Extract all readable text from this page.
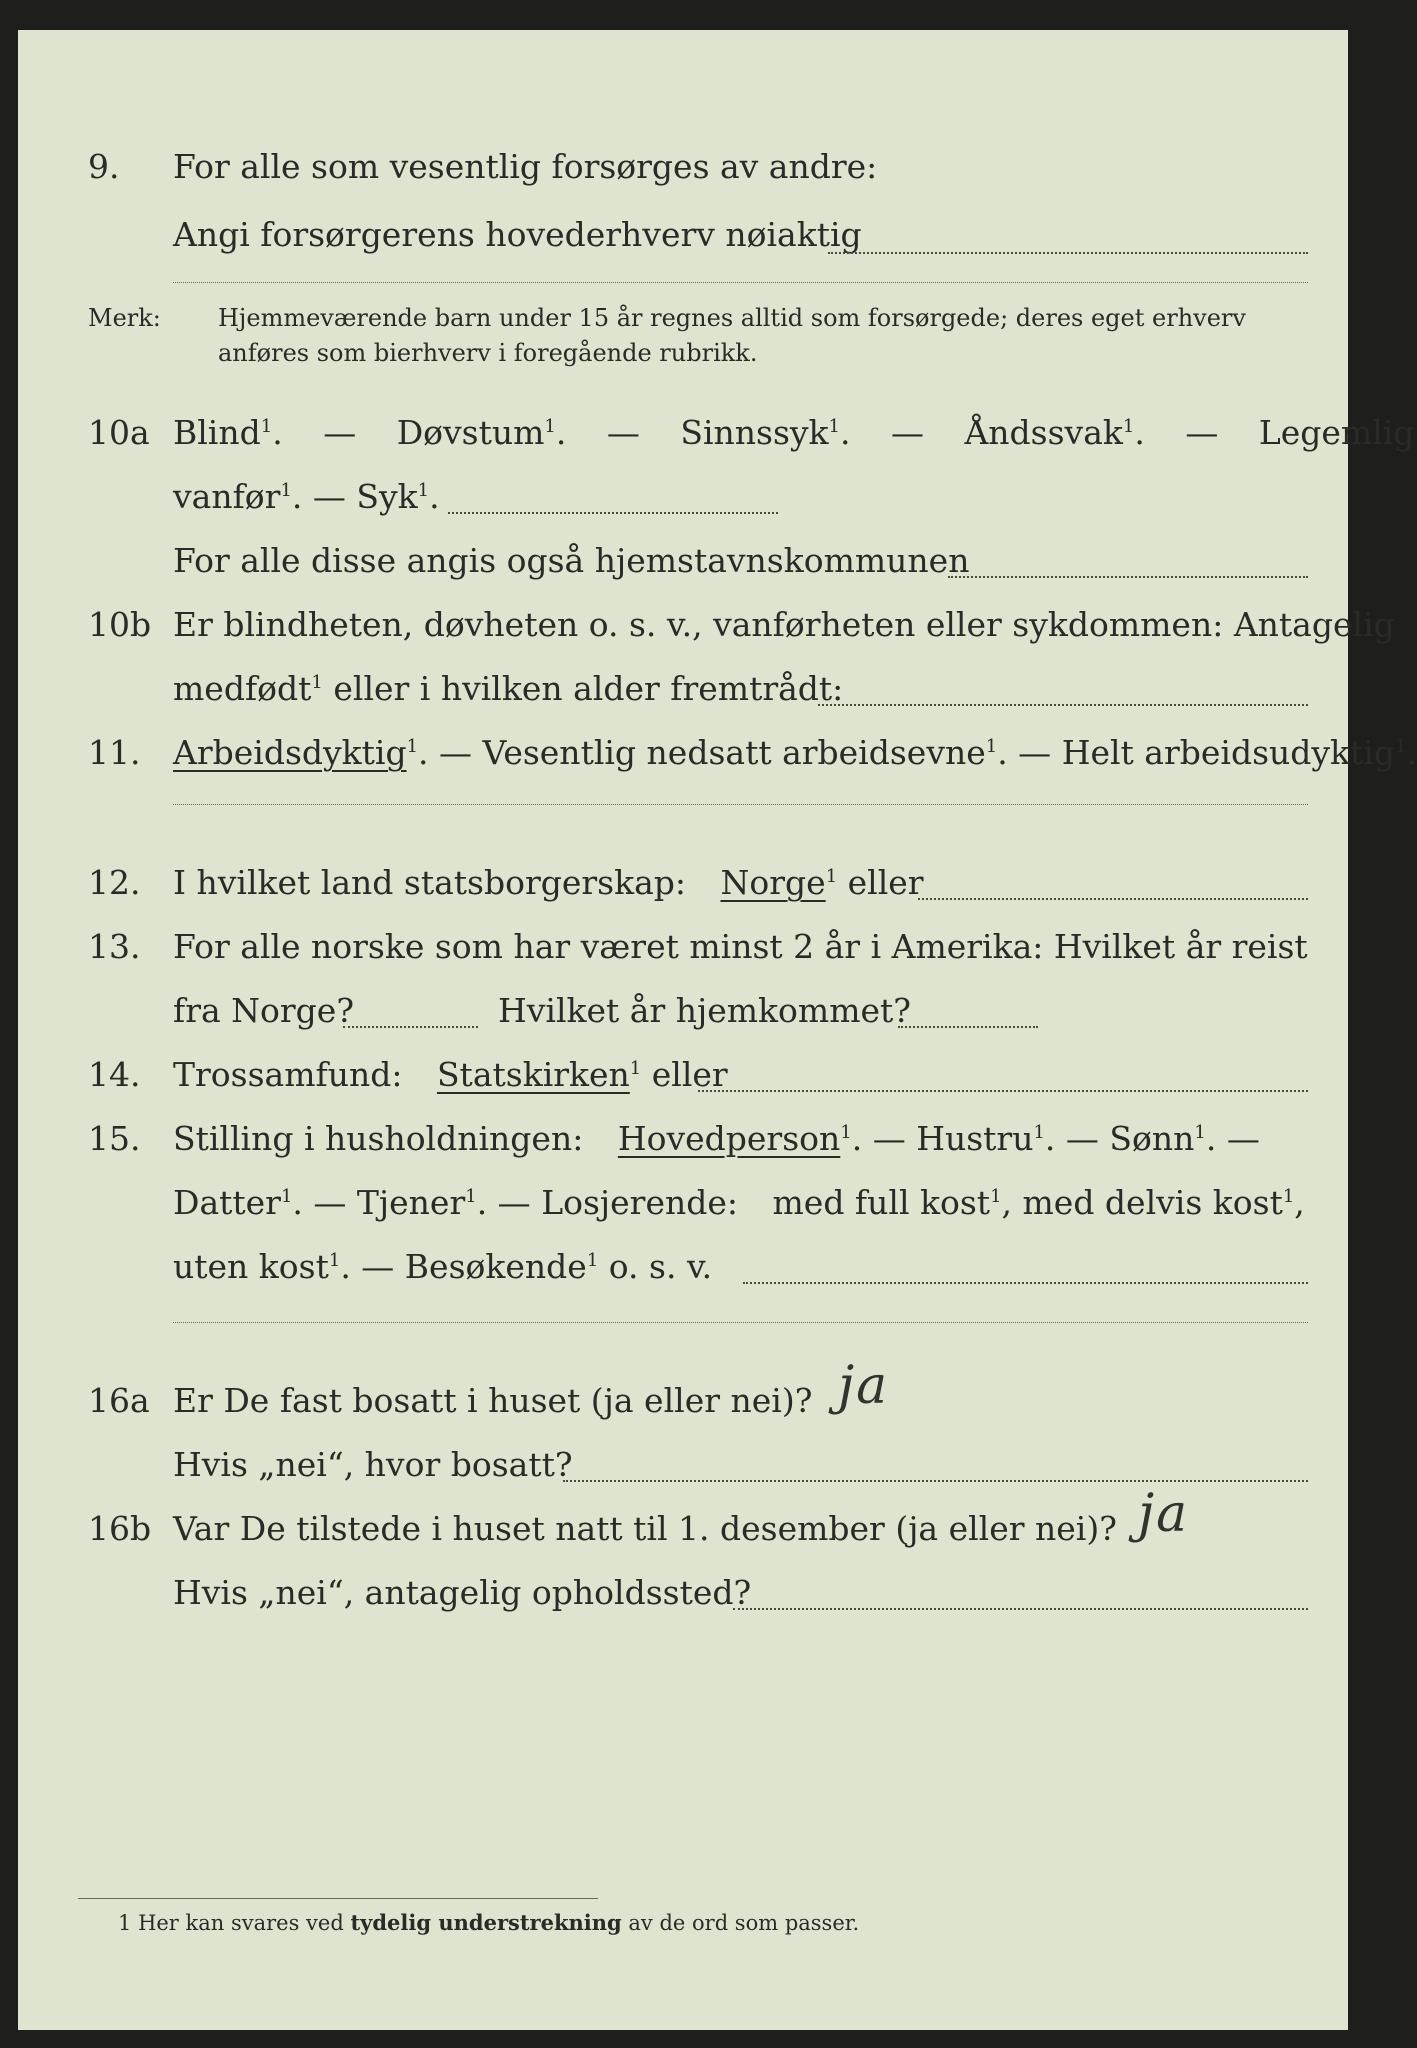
9. For alle som vesentlig forsørges av andre:
Angi forsørgerens hovederhverv nøiaktig
Merk: Hjemmeværende barn under 15 år regnes alltid som forsørgede; deres eget erhverv
anføres som bierhverv i foregående rubrikk.
10a Blind$^1$. — Døvstum$^1$. — Sinnssyk$^1$. — Åndssvak$^1$. — Legemlig
vanfør$^1$. — Syk$^1$.
For alle disse angis også hjemstavnskommunen
10b Er blindheten, døvheten o. s. v., vanførheten eller sykdommen: Antagelig
medfødt$^1$ eller i hvilken alder fremtrådt:
11. Arbeidsdyktig$^1$. — Vesentlig nedsatt arbeidsevne$^1$. — Helt arbeidsudyktig$^1$.
12. I hvilket land statsborgerskap: Norge$^1$ eller
13. For alle norske som har været minst 2 år i Amerika: Hvilket år reist
fra Norge?	Hvilket år hjemkommet?
14. Trossamfund: Statskirken$^1$ eller
15. Stilling i husholdningen: Hovedperson$^1$. — Hustru$^1$. — Sønn$^1$. —
Datter$^1$. — Tjener$^1$. — Losjerende: med full kost$^1$, med delvis kost$^1$,
uten kost$^1$. — Besøkende$^1$ o. s. v.
16a Er De fast bosatt i huset (ja eller nei)? ja
Hvis „nei“, hvor bosatt?
16b Var De tilstede i huset natt til 1. desember (ja eller nei)? ja
Hvis „nei“, antagelig opholdssted?
1 Her kan svares ved tydelig understrekning av de ord som passer.
